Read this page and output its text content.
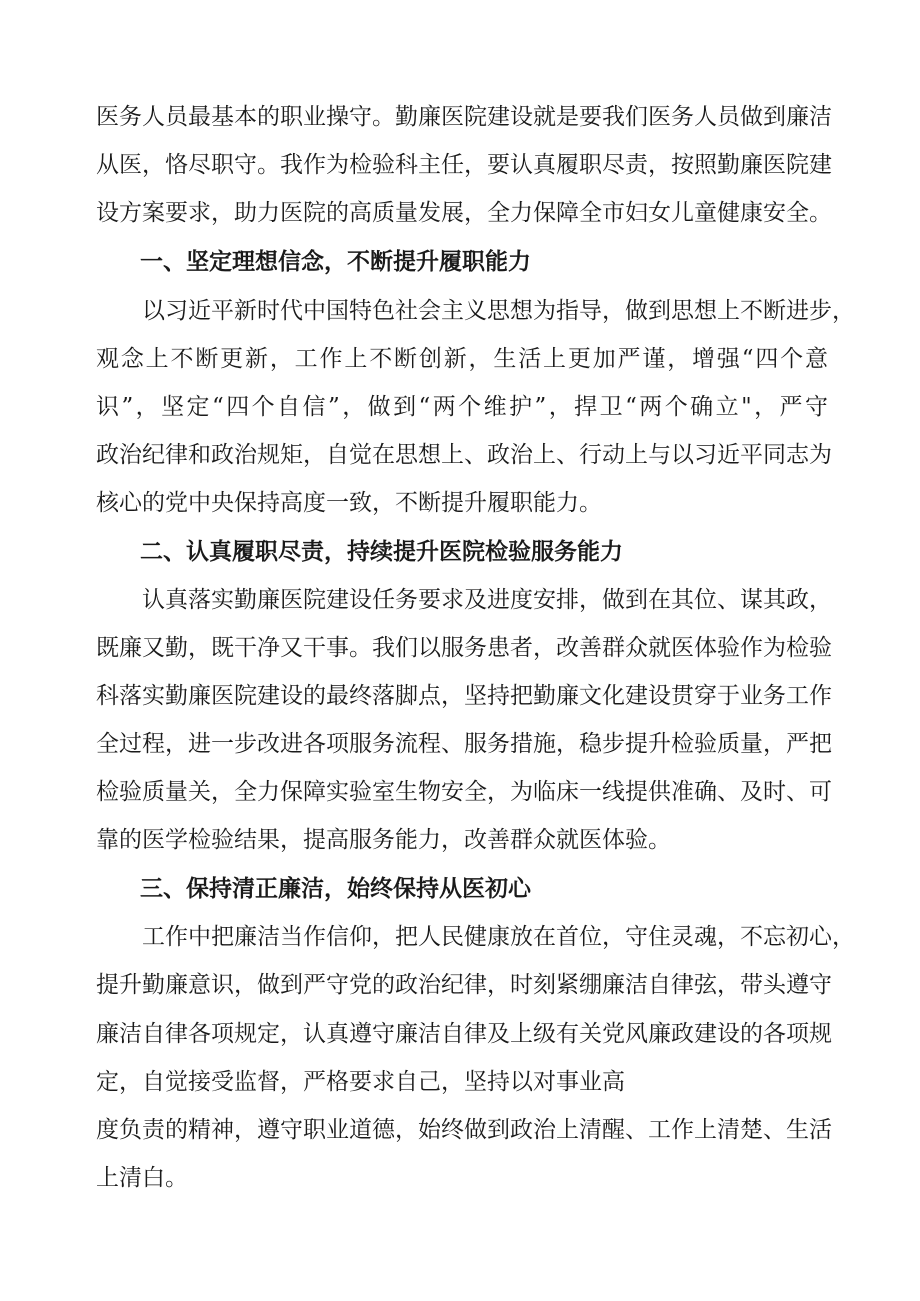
医务人员最基本的职业操守。勤廉医院建设就是要我们医务人员做到廉洁
从医，恪尽职守。我作为检验科主任，要认真履职尽责，按照勤廉医院建
设方案要求，助力医院的高质量发展，全力保障全市妇女儿童健康安全。
一、坚定理想信念，不断提升履职能力
以习近平新时代中国特色社会主义思想为指导，做到思想上不断进步，
观念上不断更新，工作上不断创新，生活上更加严谨，增强“四个意
识”，坚定“四个自信”，做到“两个维护”，捍卫“两个确立"，严守
政治纪律和政治规矩，自觉在思想上、政治上、行动上与以习近平同志为
核心的党中央保持高度一致，不断提升履职能力。
二、认真履职尽责，持续提升医院检验服务能力
认真落实勤廉医院建设任务要求及进度安排，做到在其位、谋其政，
既廉又勤，既干净又干事。我们以服务患者，改善群众就医体验作为检验
科落实勤廉医院建设的最终落脚点，坚持把勤廉文化建设贯穿于业务工作
全过程，进一步改进各项服务流程、服务措施，稳步提升检验质量，严把
检验质量关，全力保障实验室生物安全，为临床一线提供准确、及时、可
靠的医学检验结果，提高服务能力，改善群众就医体验。
三、保持清正廉洁，始终保持从医初心
工作中把廉洁当作信仰，把人民健康放在首位，守住灵魂，不忘初心，
提升勤廉意识，做到严守党的政治纪律，时刻紧绷廉洁自律弦，带头遵守
廉洁自律各项规定，认真遵守廉洁自律及上级有关党风廉政建设的各项规
定，自觉接受监督，严格要求自己，坚持以对事业高
度负责的精神，遵守职业道德，始终做到政治上清醒、工作上清楚、生活
上清白。
